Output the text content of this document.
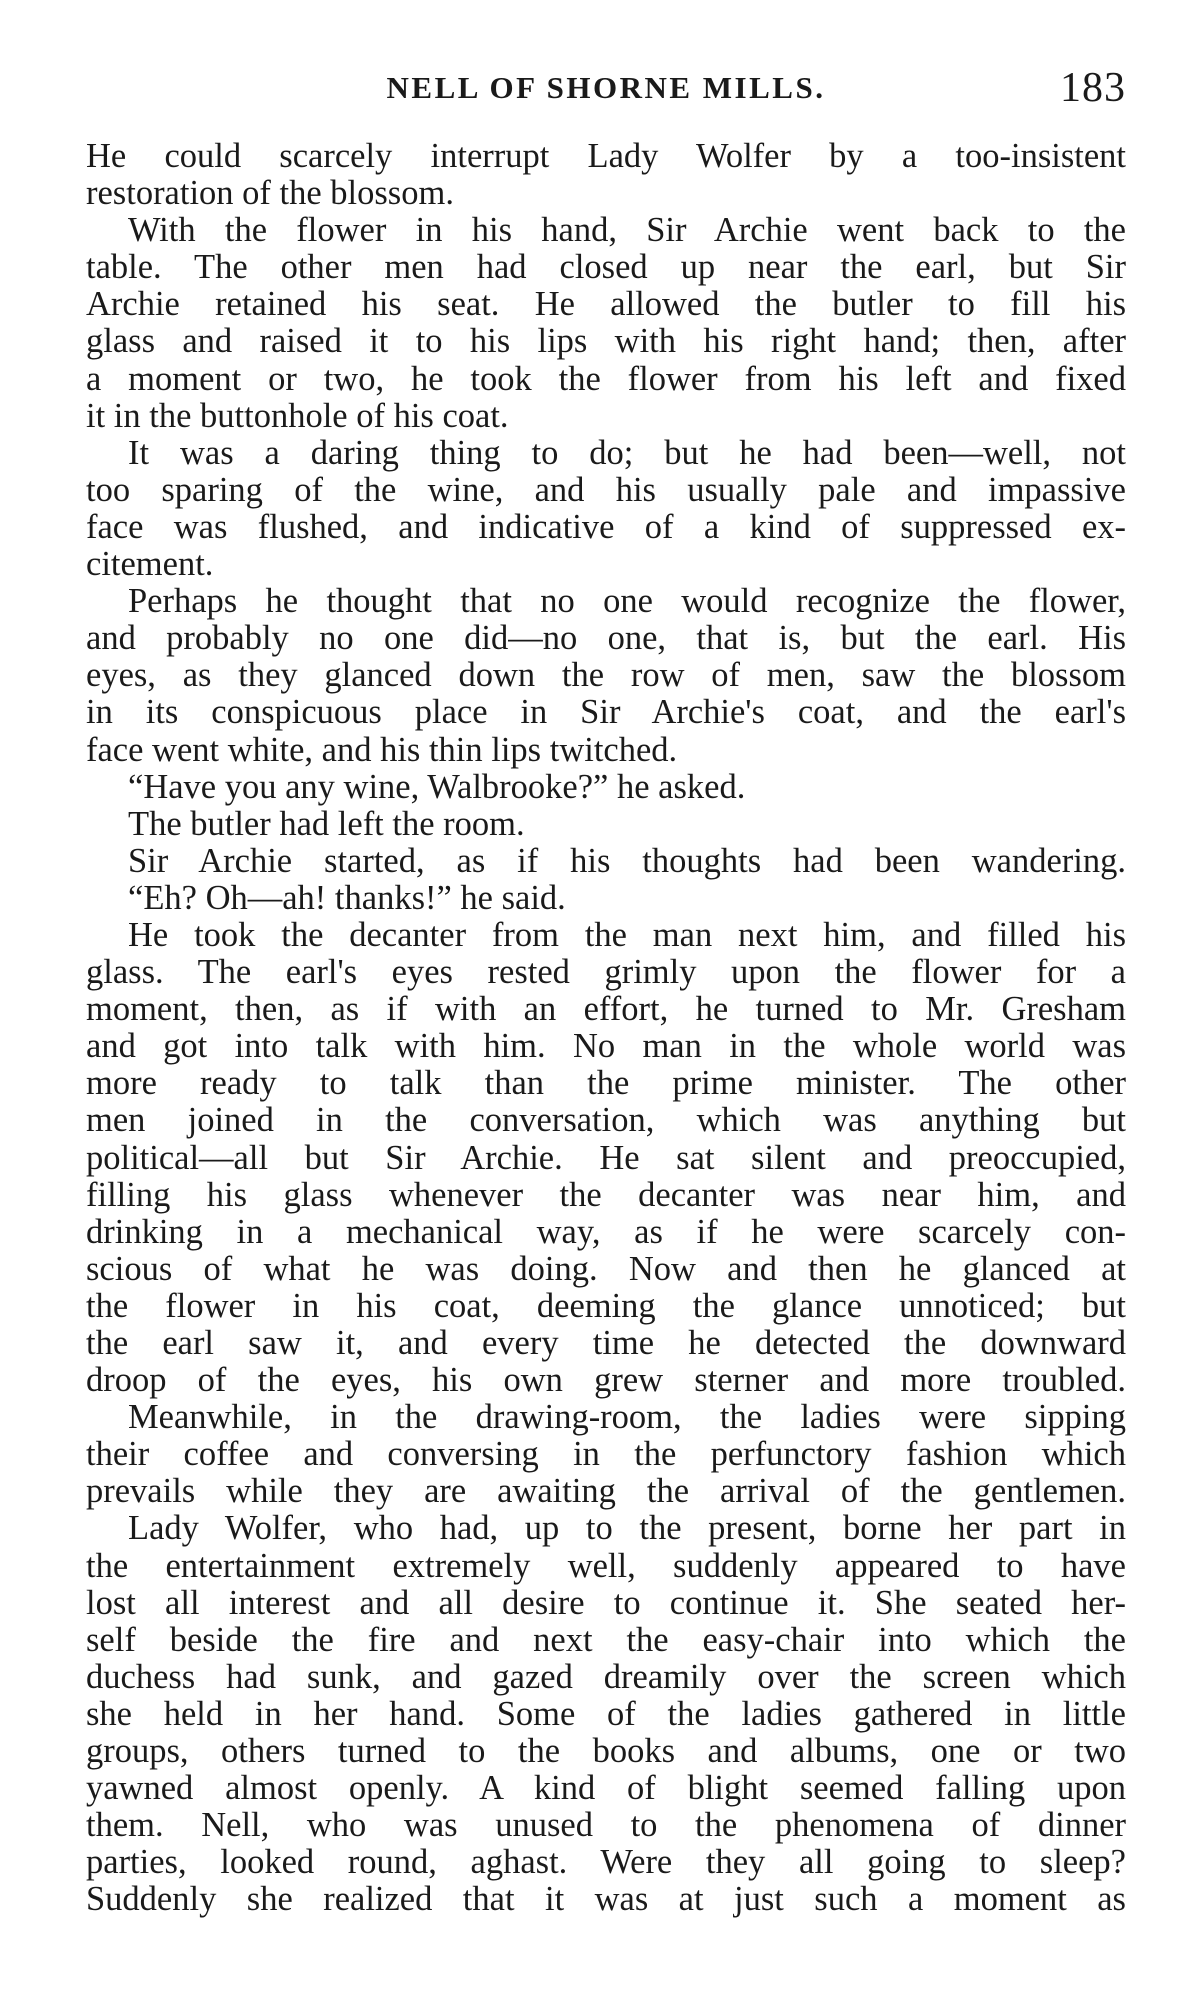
NELL OF SHORNE MILLS.	183
He could scarcely interrupt Lady Wolfer by a too-insistent
restoration of the blossom.
With the flower in his hand, Sir Archie went back to the
table. The other men had closed up near the earl, but Sir
Archie retained his seat. He allowed the butler to fill his
glass and raised it to his lips with his right hand; then, after
a moment or two, he took the flower from his left and fixed
it in the buttonhole of his coat.
It was a daring thing to do; but he had been—well, not
too sparing of the wine, and his usually pale and impassive
face was flushed, and indicative of a kind of suppressed ex-
citement.
Perhaps he thought that no one would recognize the flower,
and probably no one did—no one, that is, but the earl. His
eyes, as they glanced down the row of men, saw the blossom
in its conspicuous place in Sir Archie's coat, and the earl's
face went white, and his thin lips twitched.
“Have you any wine, Walbrooke?” he asked.
The butler had left the room.
Sir Archie started, as if his thoughts had been wandering.
“Eh? Oh—ah! thanks!” he said.
He took the decanter from the man next him, and filled his
glass. The earl's eyes rested grimly upon the flower for a
moment, then, as if with an effort, he turned to Mr. Gresham
and got into talk with him. No man in the whole world was
more ready to talk than the prime minister. The other
men joined in the conversation, which was anything but
political—all but Sir Archie. He sat silent and preoccupied,
filling his glass whenever the decanter was near him, and
drinking in a mechanical way, as if he were scarcely con-
scious of what he was doing. Now and then he glanced at
the flower in his coat, deeming the glance unnoticed; but
the earl saw it, and every time he detected the downward
droop of the eyes, his own grew sterner and more troubled.
Meanwhile, in the drawing-room, the ladies were sipping
their coffee and conversing in the perfunctory fashion which
prevails while they are awaiting the arrival of the gentlemen.
Lady Wolfer, who had, up to the present, borne her part in
the entertainment extremely well, suddenly appeared to have
lost all interest and all desire to continue it. She seated her-
self beside the fire and next the easy-chair into which the
duchess had sunk, and gazed dreamily over the screen which
she held in her hand. Some of the ladies gathered in little
groups, others turned to the books and albums, one or two
yawned almost openly. A kind of blight seemed falling upon
them. Nell, who was unused to the phenomena of dinner
parties, looked round, aghast. Were they all going to sleep?
Suddenly she realized that it was at just such a moment as
